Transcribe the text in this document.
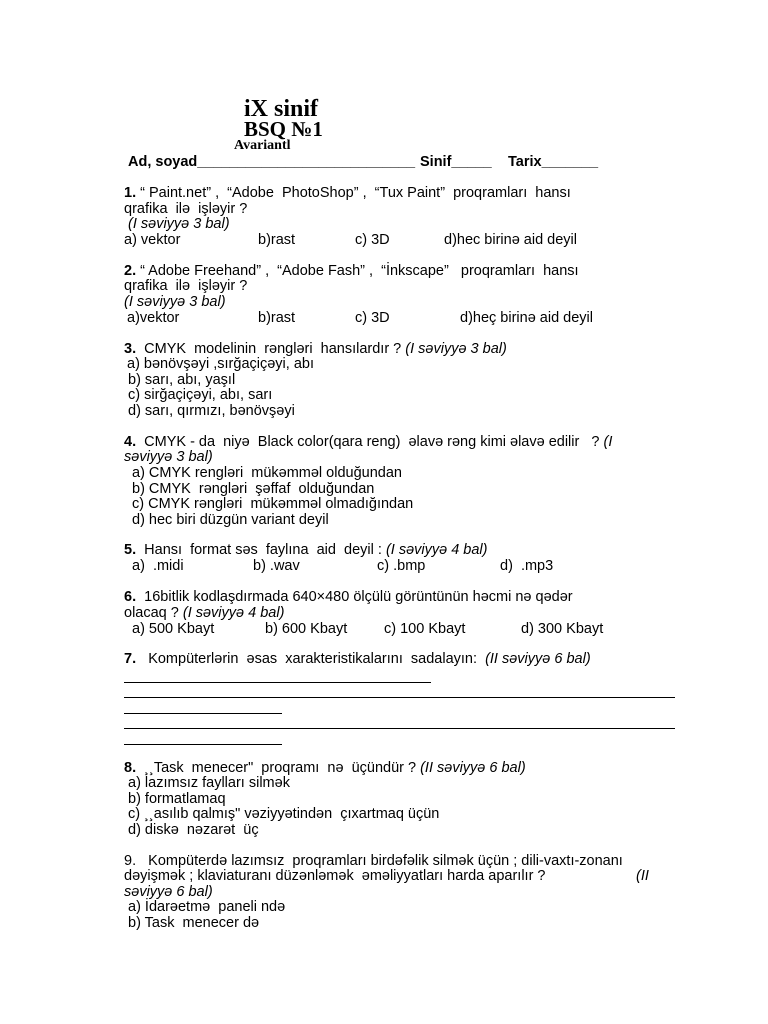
iX sinif
BSQ №1
Avariantl
Ad, soyad___________________________ Sinif_____ Tarix_______
1. “ Paint.net” ,  “Adobe  PhotoShop” ,  “Tux Paint”  proqramları  hansı
qrafika  ilə  işləyir ?
(I səviyyə 3 bal)
a) vektor	b)rast	c) 3D	d)hec birinə aid deyil
2. “ Adobe Freehand” ,  “Adobe Fash” ,  “İnkscape”   proqramları  hansı
qrafika  ilə  işləyir ?
(I səviyyə 3 bal)
a)vektor	b)rast	c) 3D	d)heç birinə aid deyil
3. CMYK  modelinin  rəngləri  hansılardır ? (I səviyyə 3 bal)
a) bənövşəyi ,sırğaçiçəyi, abı
b) sarı, abı, yaşıl
c) sirğaçiçəyi, abı, sarı
d) sarı, qırmızı, bənövşəyi
4. CMYK - da  niyə  Black color(qara reng)  əlavə rəng kimi əlavə edilir   ? (I
səviyyə 3 bal)
a) CMYK rengləri  mükəmməl olduğundan
b) CMYK  rəngləri  şəffaf  olduğundan
c) CMYK rəngləri  mükəmməl olmadığından
d) hec biri düzgün variant deyil
5. Hansı  format səs  faylına  aid  deyil : (I səviyyə 4 bal)
a)  .midi	b) .wav	c) .bmp	d)  .mp3
6. 16bitlik kodlaşdırmada 640×480 ölçülü görüntünün həcmi nə qədər
olacaq ? (I səviyyə 4 bal)
a) 500 Kbayt	b) 600 Kbayt	c) 100 Kbayt	d) 300 Kbayt
7. Kompüterlərin  əsas  xarakteristikalarını  sadalayın: (II səviyyə 6 bal)
8. ¸¸Task  menecer"  proqramı  nə  üçündür ? (II səviyyə 6 bal)
a) lazımsız faylları silmək
b) formatlamaq
c) ¸¸asılıb qalmış" vəziyyətindən  çıxartmaq üçün
d) diskə  nəzarət  üç
9.   Kompüterdə lazımsız  proqramları birdəfəlik silmək üçün ; dili-vaxtı-zonanı
dəyişmək ; klaviaturanı düzənləmək  əməliyyatları harda aparılır ?	(II
səviyyə 6 bal)
a) İdarəetmə  paneli ndə
b) Task  menecer də
